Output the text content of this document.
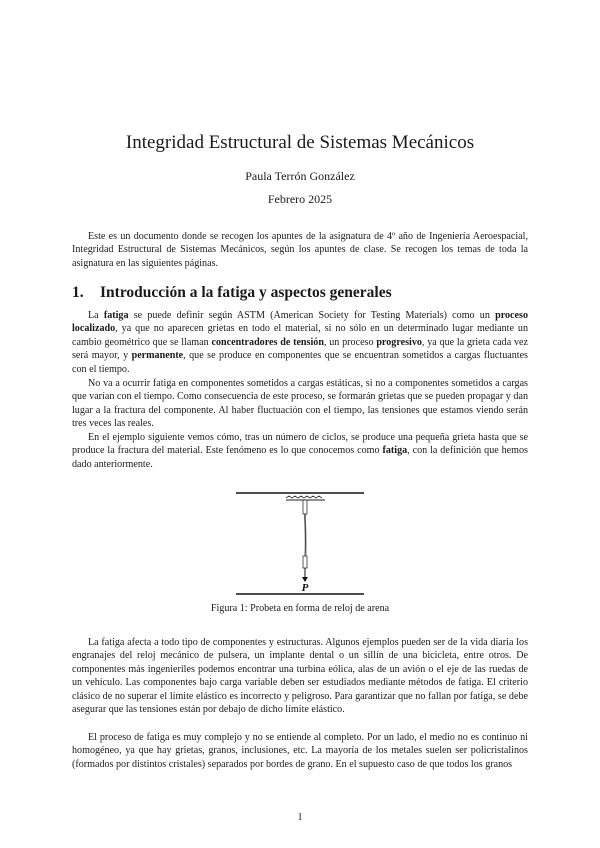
Integridad Estructural de Sistemas Mecánicos
Paula Terrón González
Febrero 2025

Este es un documento donde se recogen los apuntes de la asignatura de 4º año de Ingeniería Aeroespacial, Integridad Estructural de Sistemas Mecánicos, según los apuntes de clase. Se recogen los temas de toda la asignatura en las siguientes páginas.

1. Introducción a la fatiga y aspectos generales

La fatiga se puede definir según ASTM (American Society for Testing Materials) como un proceso localizado, ya que no aparecen grietas en todo el material, si no sólo en un determinado lugar mediante un cambio geométrico que se llaman concentradores de tensión, un proceso progresivo, ya que la grieta cada vez será mayor, y permanente, que se produce en componentes que se encuentran sometidos a cargas fluctuantes con el tiempo.

No va a ocurrir fatiga en componentes sometidos a cargas estáticas, si no a componentes sometidos a cargas que varían con el tiempo. Como consecuencia de este proceso, se formarán grietas que se pueden propagar y dan lugar a la fractura del componente. Al haber fluctuación con el tiempo, las tensiones que estamos viendo serán tres veces las reales.

En el ejemplo siguiente vemos cómo, tras un número de ciclos, se produce una pequeña grieta hasta que se produce la fractura del material. Este fenómeno es lo que conocemos como fatiga, con la definición que hemos dado anteriormente.

P
Figura 1: Probeta en forma de reloj de arena

La fatiga afecta a todo tipo de componentes y estructuras. Algunos ejemplos pueden ser de la vida diaria los engranajes del reloj mecánico de pulsera, un implante dental o un sillín de una bicicleta, entre otros. De componentes más ingenieriles podemos encontrar una turbina eólica, alas de un avión o el eje de las ruedas de un vehículo. Las componentes bajo carga variable deben ser estudiados mediante métodos de fatiga. El criterio clásico de no superar el límite elástico es incorrecto y peligroso. Para garantizar que no fallan por fatiga, se debe asegurar que las tensiones están por debajo de dicho límite elástico.

El proceso de fatiga es muy complejo y no se entiende al completo. Por un lado, el medio no es continuo ni homogéneo, ya que hay grietas, granos, inclusiones, etc. La mayoría de los metales suelen ser policristalinos (formados por distintos cristales) separados por bordes de grano. En el supuesto caso de que todos los granos

1
